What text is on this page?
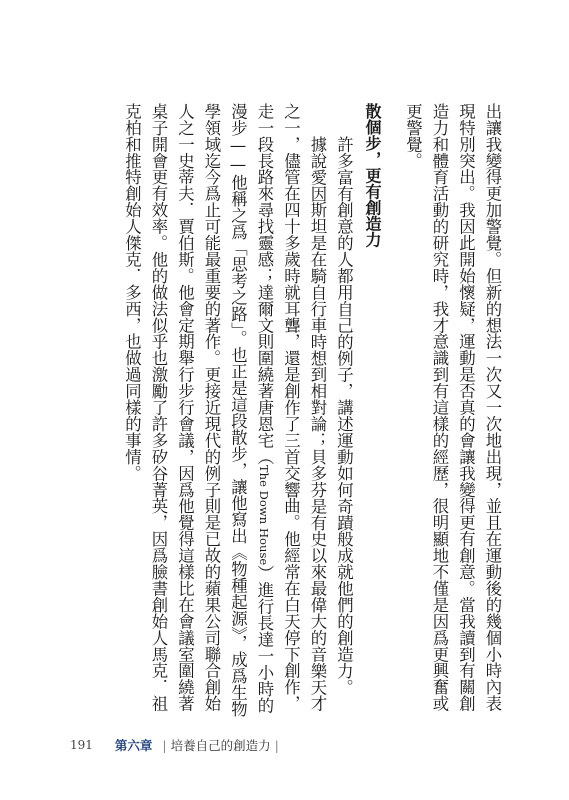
出讓我變得更加警覺。但新的想法一次又一次地出現，並且在運動後的幾個小時內表現特別突出。我因此開始懷疑，運動是否真的會讓我變得更有創意。當我讀到有關創造力和體育活動的研究時，我才意識到有這樣的經歷，很明顯地不僅是因爲更興奮或更警覺。

散個步，更有創造力

許多富有創意的人都用自己的例子，講述運動如何奇蹟般成就他們的創造力。

據說愛因斯坦是在騎自行車時想到相對論；貝多芬是有史以來最偉大的音樂天才之一，儘管在四十多歲時就耳聾，還是創作了三首交響曲。他經常在白天停下創作，走一段長路來尋找靈感；達爾文則圍繞著唐恩宅（The Down House）進行長達一小時的漫步——他稱之爲「思考之路」。也正是這段散步，讓他寫出《物種起源》，成爲生物學領域迄今爲止可能最重要的著作。更接近現代的例子則是已故的蘋果公司聯合創始人之一史蒂夫．賈伯斯。他會定期舉行步行會議，因爲他覺得這樣比在會議室圍繞著桌子開會更有效率。他的做法似乎也激勵了許多矽谷菁英，因爲臉書創始人馬克．祖克柏和推特創始人傑克．多西，也做過同樣的事情。

191 第六章 | 培養自己的創造力 |
